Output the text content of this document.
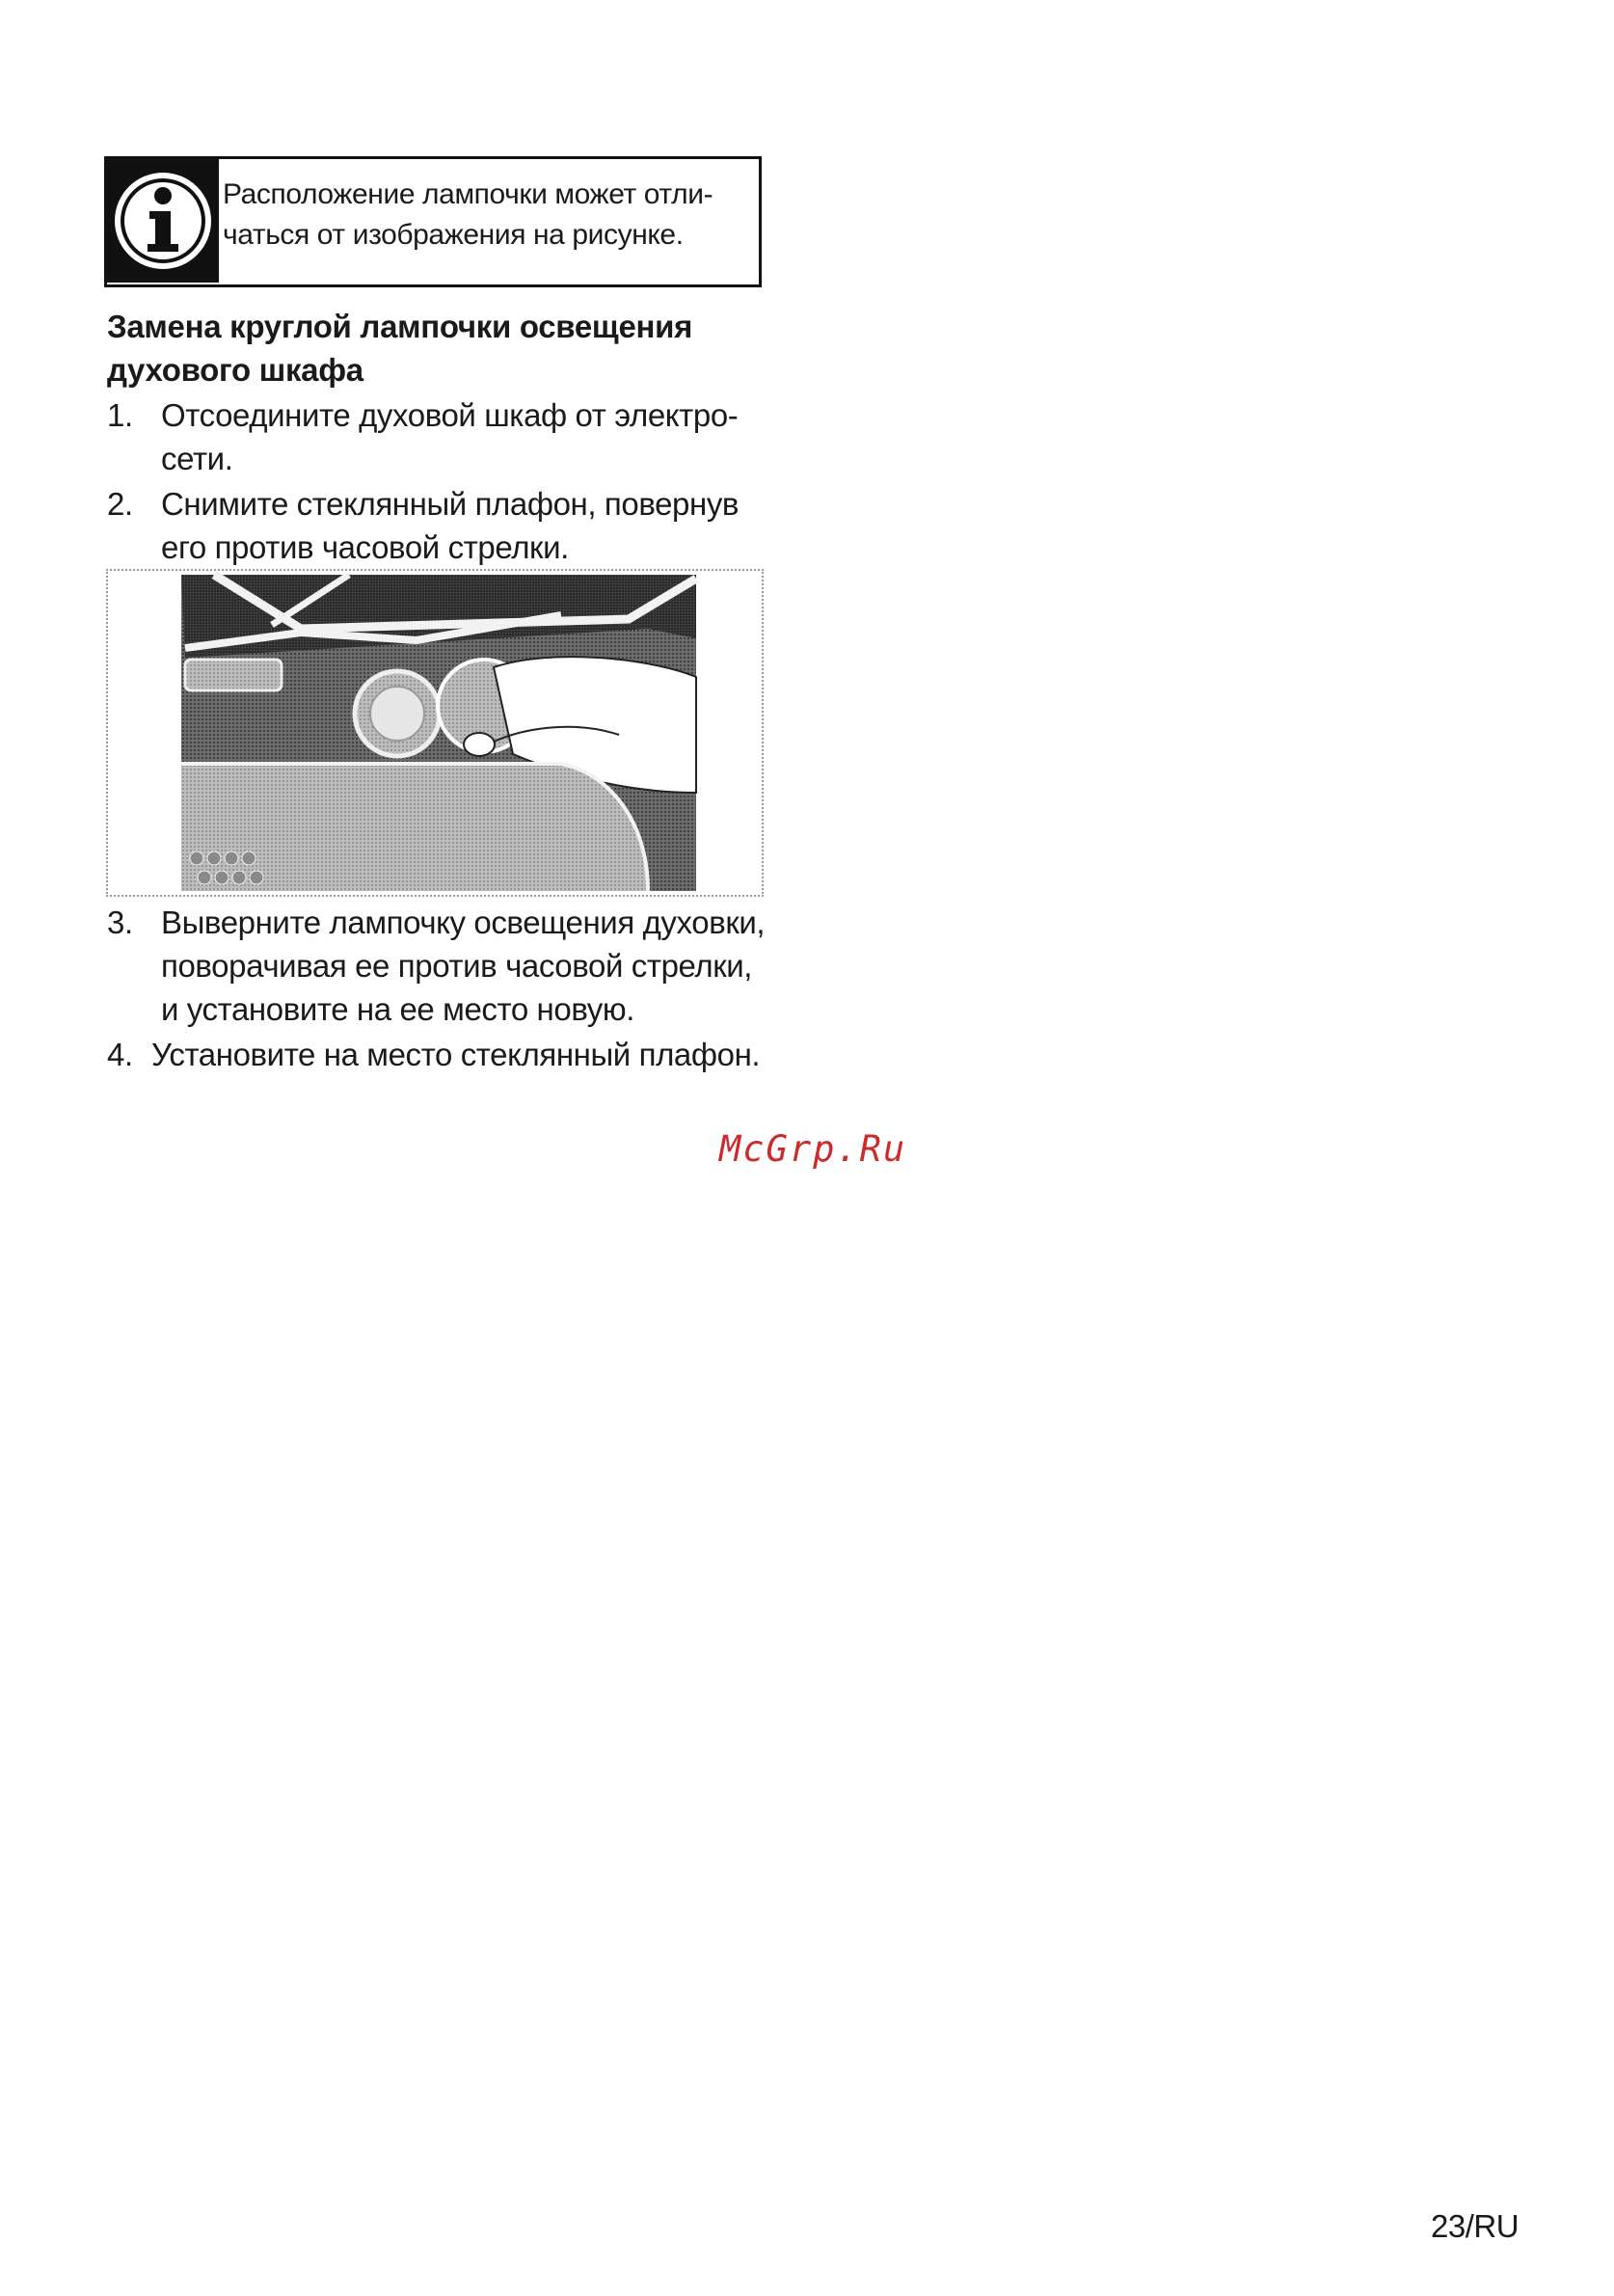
Расположение лампочки может отли-
чаться от изображения на рисунке.
Замена круглой лампочки освещения
духового шкафа
1. Отсоедините духовой шкаф от электро-
сети.
2. Снимите стеклянный плафон, повернув
его против часовой стрелки.
3. Выверните лампочку освещения духовки,
поворачивая ее против часовой стрелки,
и установите на ее место новую.
4. Установите на место стеклянный плафон.
McGrp.Ru
23/RU
